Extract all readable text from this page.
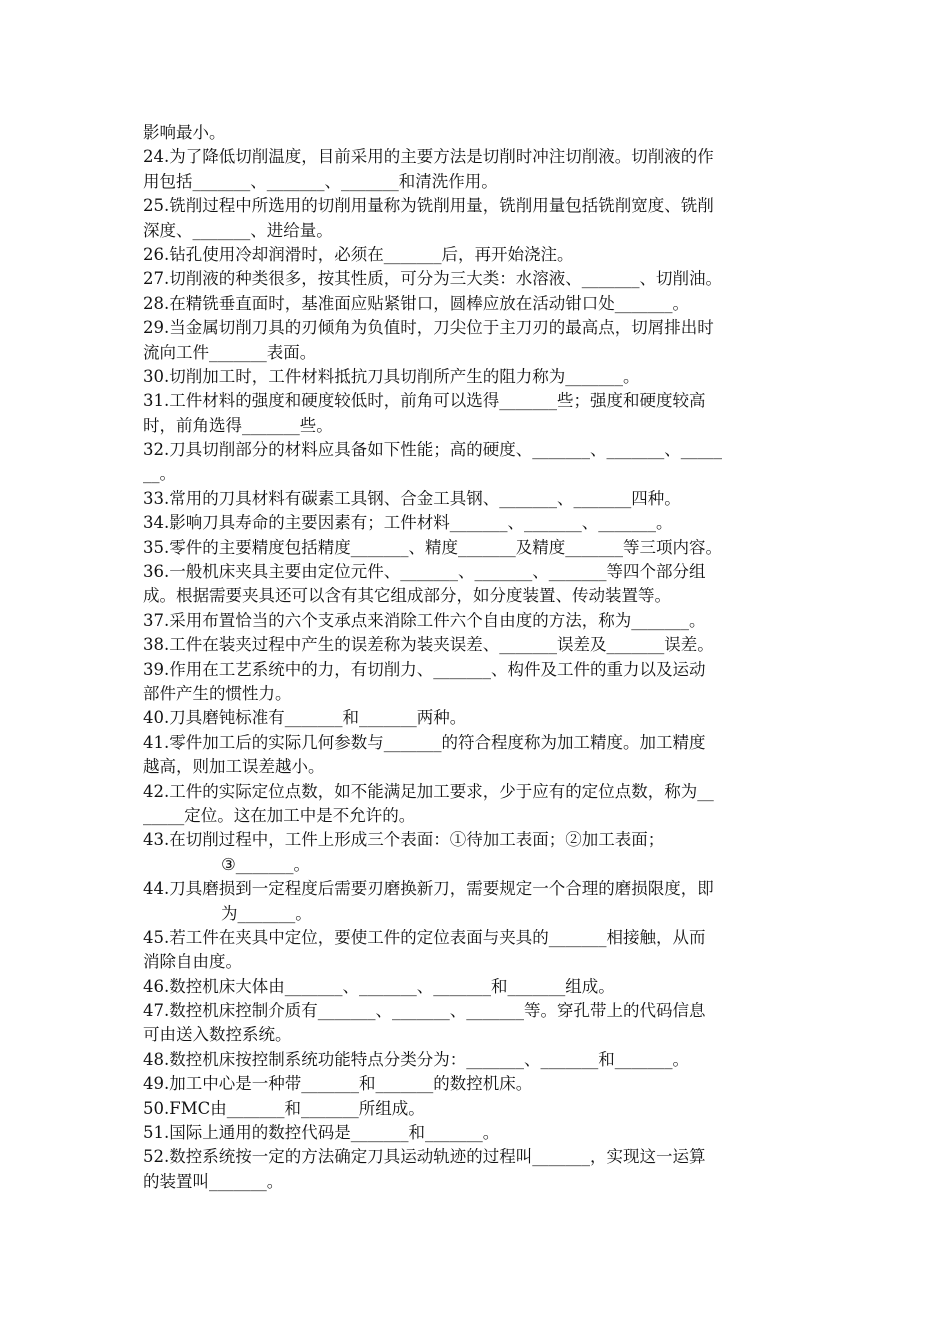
影响最小。
24.为了降低切削温度，目前采用的主要方法是切削时冲注切削液。切削液的作
用包括_______、_______、_______和清洗作用。
25.铣削过程中所选用的切削用量称为铣削用量，铣削用量包括铣削宽度、铣削
深度、_______、进给量。
26.钻孔使用冷却润滑时，必须在_______后，再开始浇注。
27.切削液的种类很多，按其性质，可分为三大类：水溶液、_______、切削油。
28.在精铣垂直面时，基准面应贴紧钳口，圆棒应放在活动钳口处_______。
29.当金属切削刀具的刃倾角为负值时，刀尖位于主刀刃的最高点，切屑排出时
流向工件_______表面。
30.切削加工时，工件材料抵抗刀具切削所产生的阻力称为_______。
31.工件材料的强度和硬度较低时，前角可以选得_______些；强度和硬度较高
时，前角选得_______些。
32.刀具切削部分的材料应具备如下性能；高的硬度、_______、_______、_____
__。
33.常用的刀具材料有碳素工具钢、合金工具钢、_______、_______四种。
34.影响刀具寿命的主要因素有；工件材料_______、_______、_______。
35.零件的主要精度包括精度_______、精度_______及精度_______等三项内容。
36.一般机床夹具主要由定位元件、_______、_______、_______等四个部分组
成。根据需要夹具还可以含有其它组成部分，如分度装置、传动装置等。
37.采用布置恰当的六个支承点来消除工件六个自由度的方法，称为_______。
38.工件在装夹过程中产生的误差称为装夹误差、_______误差及_______误差。
39.作用在工艺系统中的力，有切削力、_______、构件及工件的重力以及运动
部件产生的惯性力。
40.刀具磨钝标准有_______和_______两种。
41.零件加工后的实际几何参数与_______的符合程度称为加工精度。加工精度
越高，则加工误差越小。
42.工件的实际定位点数，如不能满足加工要求，少于应有的定位点数，称为__
_____定位。这在加工中是不允许的。
43.在切削过程中，工件上形成三个表面：①待加工表面；②加工表面；
③_______。
44.刀具磨损到一定程度后需要刃磨换新刀，需要规定一个合理的磨损限度，即
为_______。
45.若工件在夹具中定位，要使工件的定位表面与夹具的_______相接触，从而
消除自由度。
46.数控机床大体由_______、_______、_______和_______组成。
47.数控机床控制介质有_______、_______、_______等。穿孔带上的代码信息
可由送入数控系统。
48.数控机床按控制系统功能特点分类分为：_______、_______和_______。
49.加工中心是一种带_______和_______的数控机床。
50.FMC由_______和_______所组成。
51.国际上通用的数控代码是_______和_______。
52.数控系统按一定的方法确定刀具运动轨迹的过程叫_______，实现这一运算
的装置叫_______。
